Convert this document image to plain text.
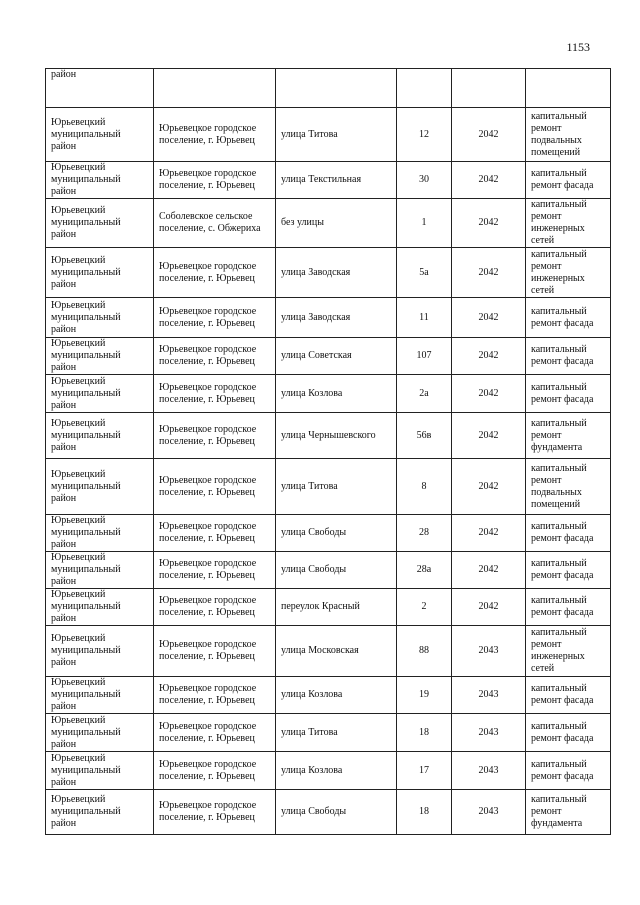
1153
район					
Юрьевецкий муниципальный район	Юрьевецкое городское поселение, г. Юрьевец	улица Титова	12	2042	капитальный ремонт подвальных помещений
Юрьевецкий муниципальный район	Юрьевецкое городское поселение, г. Юрьевец	улица Текстильная	30	2042	капитальный ремонт фасада
Юрьевецкий муниципальный район	Соболевское сельское поселение, с. Обжериха	без улицы	1	2042	капитальный ремонт инженерных сетей
Юрьевецкий муниципальный район	Юрьевецкое городское поселение, г. Юрьевец	улица Заводская	5а	2042	капитальный ремонт инженерных сетей
Юрьевецкий муниципальный район	Юрьевецкое городское поселение, г. Юрьевец	улица Заводская	11	2042	капитальный ремонт фасада
Юрьевецкий муниципальный район	Юрьевецкое городское поселение, г. Юрьевец	улица Советская	107	2042	капитальный ремонт фасада
Юрьевецкий муниципальный район	Юрьевецкое городское поселение, г. Юрьевец	улица Козлова	2а	2042	капитальный ремонт фасада
Юрьевецкий муниципальный район	Юрьевецкое городское поселение, г. Юрьевец	улица Чернышевского	56в	2042	капитальный ремонт фундамента
Юрьевецкий муниципальный район	Юрьевецкое городское поселение, г. Юрьевец	улица Титова	8	2042	капитальный ремонт подвальных помещений
Юрьевецкий муниципальный район	Юрьевецкое городское поселение, г. Юрьевец	улица Свободы	28	2042	капитальный ремонт фасада
Юрьевецкий муниципальный район	Юрьевецкое городское поселение, г. Юрьевец	улица Свободы	28а	2042	капитальный ремонт фасада
Юрьевецкий муниципальный район	Юрьевецкое городское поселение, г. Юрьевец	переулок Красный	2	2042	капитальный ремонт фасада
Юрьевецкий муниципальный район	Юрьевецкое городское поселение, г. Юрьевец	улица Московская	88	2043	капитальный ремонт инженерных сетей
Юрьевецкий муниципальный район	Юрьевецкое городское поселение, г. Юрьевец	улица Козлова	19	2043	капитальный ремонт фасада
Юрьевецкий муниципальный район	Юрьевецкое городское поселение, г. Юрьевец	улица Титова	18	2043	капитальный ремонт фасада
Юрьевецкий муниципальный район	Юрьевецкое городское поселение, г. Юрьевец	улица Козлова	17	2043	капитальный ремонт фасада
Юрьевецкий муниципальный район	Юрьевецкое городское поселение, г. Юрьевец	улица Свободы	18	2043	капитальный ремонт фундамента
